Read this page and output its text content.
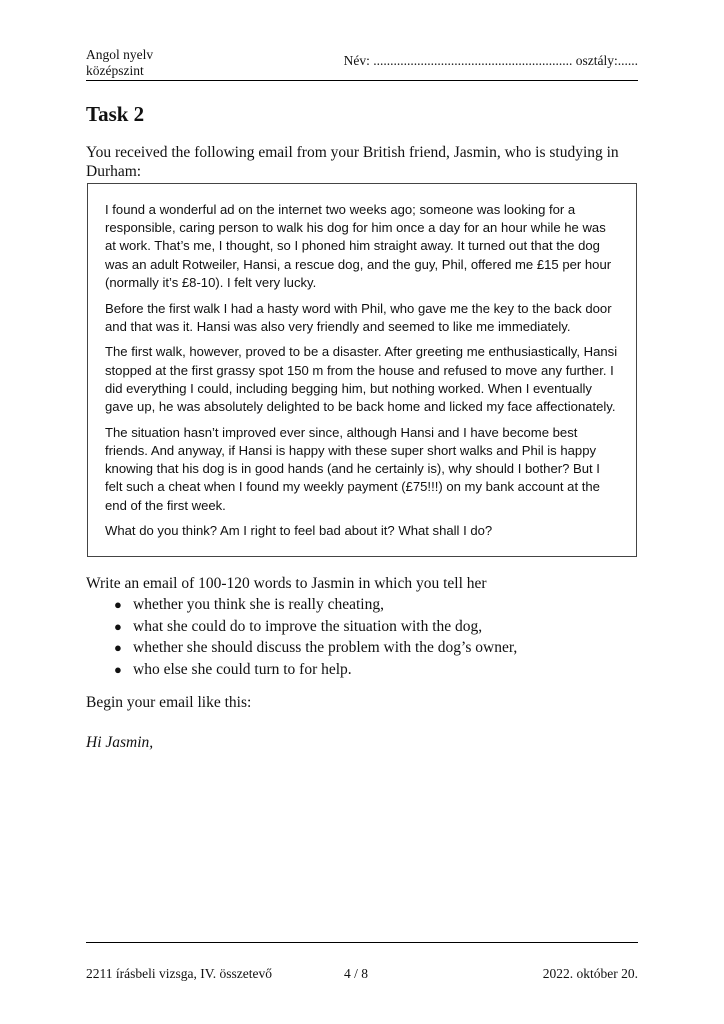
Angol nyelv
középszint
Név: ........................................................... osztály:......
Task 2
You received the following email from your British friend, Jasmin, who is studying in Durham:

I found a wonderful ad on the internet two weeks ago; someone was looking for a responsible, caring person to walk his dog for him once a day for an hour while he was at work. That’s me, I thought, so I phoned him straight away. It turned out that the dog was an adult Rotweiler, Hansi, a rescue dog, and the guy, Phil, offered me £15 per hour (normally it’s £8-10). I felt very lucky.

Before the first walk I had a hasty word with Phil, who gave me the key to the back door and that was it. Hansi was also very friendly and seemed to like me immediately.

The first walk, however, proved to be a disaster. After greeting me enthusiastically, Hansi stopped at the first grassy spot 150 m from the house and refused to move any further. I did everything I could, including begging him, but nothing worked. When I eventually gave up, he was absolutely delighted to be back home and licked my face affectionately.

The situation hasn’t improved ever since, although Hansi and I have become best friends. And anyway, if Hansi is happy with these super short walks and Phil is happy knowing that his dog is in good hands (and he certainly is), why should I bother? But I felt such a cheat when I found my weekly payment (£75!!!) on my bank account at the end of the first week.

What do you think? Am I right to feel bad about it? What shall I do?

Write an email of 100-120 words to Jasmin in which you tell her
● whether you think she is really cheating,
● what she could do to improve the situation with the dog,
● whether she should discuss the problem with the dog’s owner,
● who else she could turn to for help.
Begin your email like this:
Hi Jasmin,
2211 írásbeli vizsga, IV. összetevő	4 / 8	2022. október 20.
